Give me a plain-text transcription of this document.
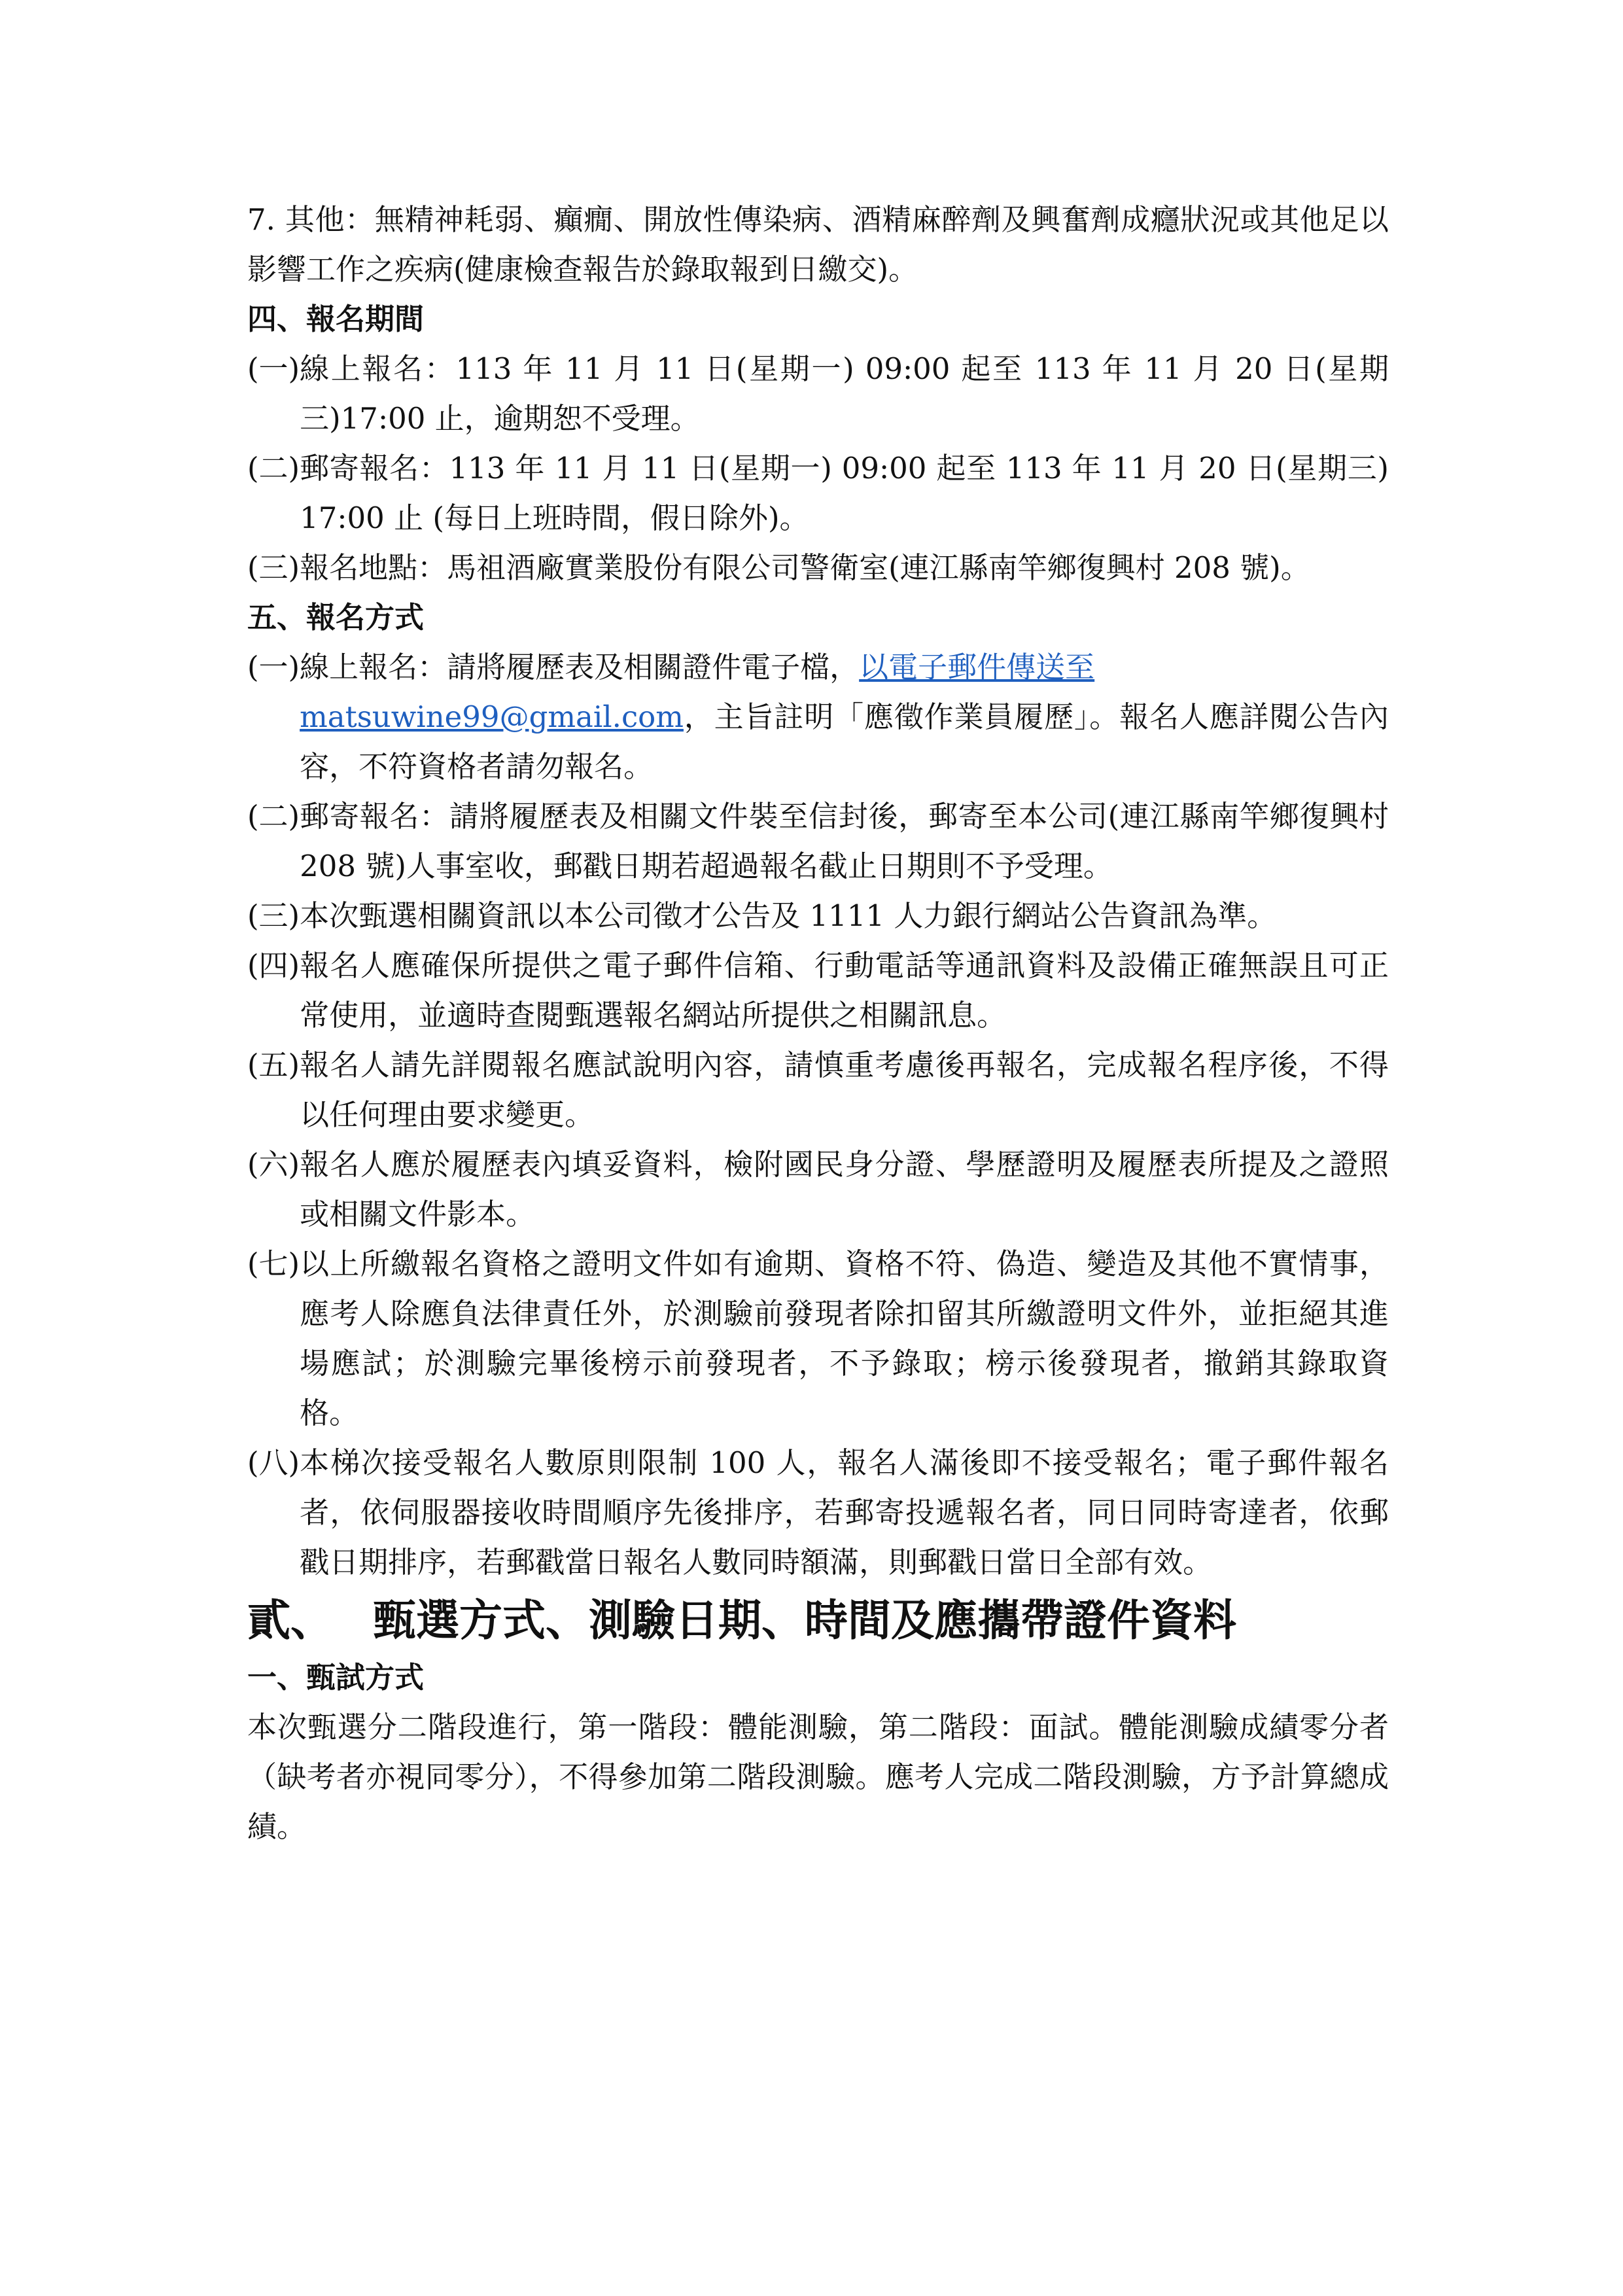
7. 其他：無精神耗弱、癲癇、開放性傳染病、酒精麻醉劑及興奮劑成癮狀況或其他足以影響工作之疾病(健康檢查報告於錄取報到日繳交)。

四、報名期間

(一) 線上報名：113 年 11 月 11 日(星期一) 09:00 起至 113 年 11 月 20 日(星期三)17:00 止，逾期恕不受理。
(二) 郵寄報名：113 年 11 月 11 日(星期一) 09:00 起至 113 年 11 月 20 日(星期三) 17:00 止 (每日上班時間，假日除外)。
(三) 報名地點：馬祖酒廠實業股份有限公司警衛室(連江縣南竿鄉復興村 208 號)。

五、報名方式

(一) 線上報名：請將履歷表及相關證件電子檔，以電子郵件傳送至
matsuwine99@gmail.com，主旨註明「應徵作業員履歷」。報名人應詳閱公告內容，不符資格者請勿報名。
(二) 郵寄報名：請將履歷表及相關文件裝至信封後，郵寄至本公司(連江縣南竿鄉復興村 208 號)人事室收，郵戳日期若超過報名截止日期則不予受理。
(三) 本次甄選相關資訊以本公司徵才公告及 1111 人力銀行網站公告資訊為準。
(四) 報名人應確保所提供之電子郵件信箱、行動電話等通訊資料及設備正確無誤且可正常使用，並適時查閱甄選報名網站所提供之相關訊息。
(五) 報名人請先詳閱報名應試說明內容，請慎重考慮後再報名，完成報名程序後，不得以任何理由要求變更。
(六) 報名人應於履歷表內填妥資料，檢附國民身分證、學歷證明及履歷表所提及之證照或相關文件影本。
(七) 以上所繳報名資格之證明文件如有逾期、資格不符、偽造、變造及其他不實情事，應考人除應負法律責任外，於測驗前發現者除扣留其所繳證明文件外，並拒絕其進場應試；於測驗完畢後榜示前發現者，不予錄取；榜示後發現者，撤銷其錄取資格。
(八) 本梯次接受報名人數原則限制 100 人，報名人滿後即不接受報名；電子郵件報名者，依伺服器接收時間順序先後排序，若郵寄投遞報名者，同日同時寄達者，依郵戳日期排序，若郵戳當日報名人數同時額滿，則郵戳日當日全部有效。

貳、 甄選方式、測驗日期、時間及應攜帶證件資料

一、甄試方式

本次甄選分二階段進行，第一階段：體能測驗，第二階段：面試。體能測驗成績零分者（缺考者亦視同零分），不得參加第二階段測驗。應考人完成二階段測驗，方予計算總成績。
